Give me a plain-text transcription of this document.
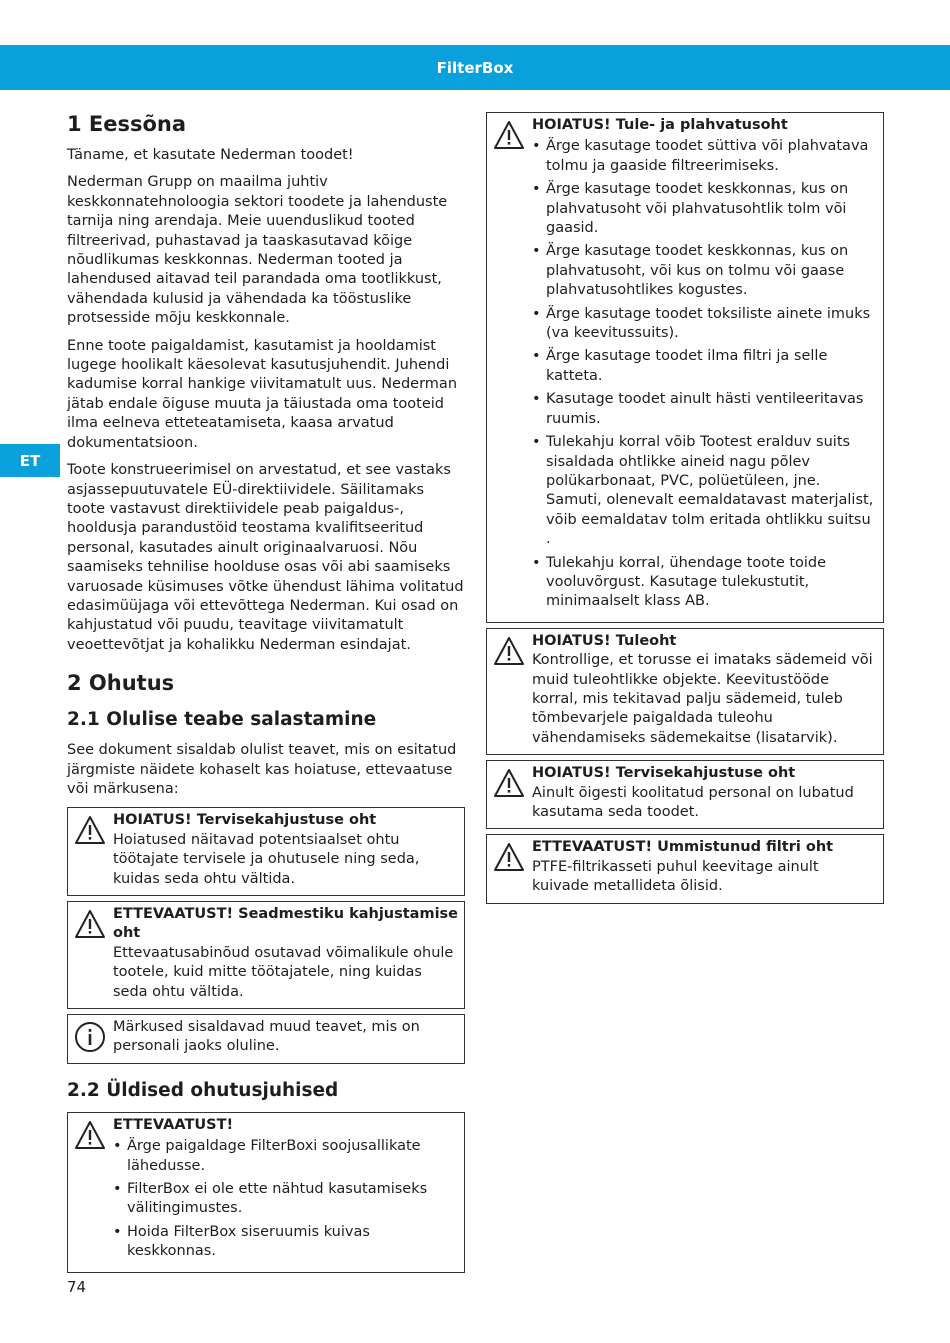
FilterBox
ET
1 Eessõna

Täname, et kasutate Nederman toodet!

Nederman Grupp on maailma juhtiv keskkonnatehnoloogia sektori toodete ja lahenduste tarnija ning arendaja. Meie uuenduslikud tooted filtreerivad, puhastavad ja taaskasutavad kõige nõudlikumas keskkonnas. Nederman tooted ja lahendused aitavad teil parandada oma tootlikkust, vähendada kulusid ja vähendada ka tööstuslike protsesside mõju keskkonnale.

Enne toote paigaldamist, kasutamist ja hooldamist lugege hoolikalt käesolevat kasutusjuhendit. Juhendi kadumise korral hankige viivitamatult uus. Nederman jätab endale õiguse muuta ja täiustada oma tooteid ilma eelneva etteteatamiseta, kaasa arvatud dokumentatsioon.

Toote konstrueerimisel on arvestatud, et see vastaks asjassepuutuvatele EÜ-direktiividele. Säilitamaks toote vastavust direktiividele peab paigaldus-, hooldusja parandustöid teostama kvalifitseeritud personal, kasutades ainult originaalvaruosi. Nõu saamiseks tehnilise hoolduse osas või abi saamiseks varuosade küsimuses võtke ühendust lähima volitatud edasimüüjaga või ettevõttega Nederman. Kui osad on kahjustatud või puudu, teavitage viivitamatult veoettevõtjat ja kohalikku Nederman esindajat.

2 Ohutus
2.1 Olulise teabe salastamine

See dokument sisaldab olulist teavet, mis on esitatud järgmiste näidete kohaselt kas hoiatuse, ettevaatuse või märkusena:

HOIATUS! Tervisekahjustuse oht
Hoiatused näitavad potentsiaalset ohtu töötajate tervisele ja ohutusele ning seda, kuidas seda ohtu vältida.
ETTEVAATUST! Seadmestiku kahjustamise oht
Ettevaatusabinõud osutavad võimalikule ohule tootele, kuid mitte töötajatele, ning kuidas seda ohtu vältida.
Märkused sisaldavad muud teavet, mis on personali jaoks oluline.
2.2 Üldised ohutusjuhised
ETTEVAATUST!
• Ärge paigaldage FilterBoxi soojusallikate lähedusse.
• FilterBox ei ole ette nähtud kasutamiseks välitingimustes.
• Hoida FilterBox siseruumis kuivas keskkonnas.
HOIATUS! Tule- ja plahvatusoht
• Ärge kasutage toodet süttiva või plahvatava tolmu ja gaaside filtreerimiseks.
• Ärge kasutage toodet keskkonnas, kus on plahvatusoht või plahvatusohtlik tolm või gaasid.
• Ärge kasutage toodet keskkonnas, kus on plahvatusoht, või kus on tolmu või gaase plahvatusohtlikes kogustes.
• Ärge kasutage toodet toksiliste ainete imuks (va keevitussuits).
• Ärge kasutage toodet ilma filtri ja selle katteta.
• Kasutage toodet ainult hästi ventileeritavas ruumis.
• Tulekahju korral võib Tootest eralduv suits sisaldada ohtlikke aineid nagu põlev polükarbonaat, PVC, polüetüleen, jne. Samuti, olenevalt eemaldatavast materjalist, võib eemaldatav tolm eritada ohtlikku suitsu .
• Tulekahju korral, ühendage toote toide vooluvõrgust. Kasutage tulekustutit, minimaalselt klass AB.
HOIATUS! Tuleoht
Kontrollige, et torusse ei imataks sädemeid või muid tuleohtlikke objekte. Keevitustööde korral, mis tekitavad palju sädemeid, tuleb tõmbevarjele paigaldada tuleohu vähendamiseks sädemekaitse (lisatarvik).
HOIATUS! Tervisekahjustuse oht
Ainult õigesti koolitatud personal on lubatud kasutama seda toodet.
ETTEVAATUST! Ummistunud filtri oht
PTFE-filtrikasseti puhul keevitage ainult kuivade metallideta õlisid.
74
